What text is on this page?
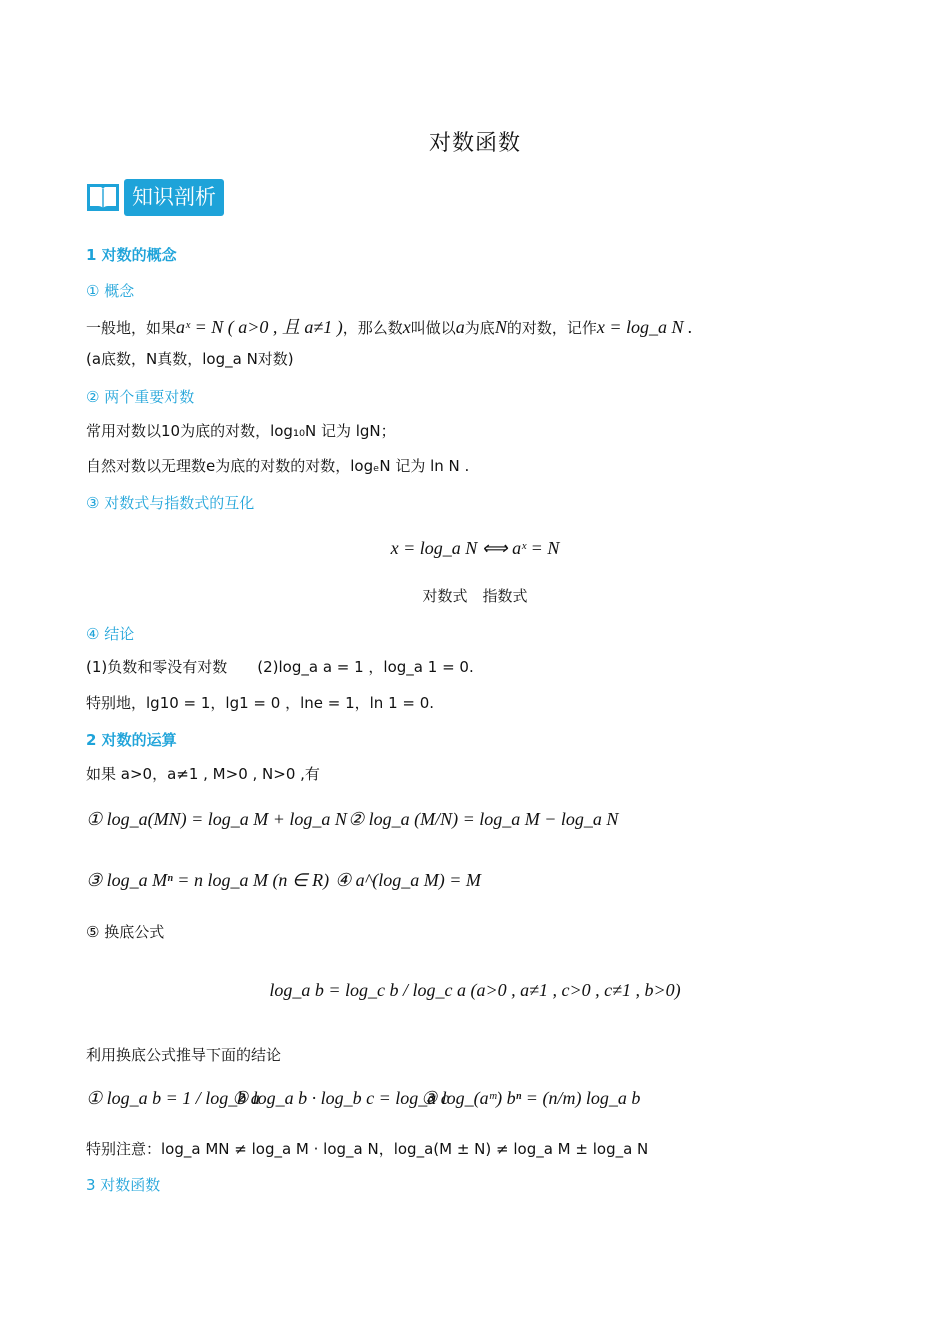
对数函数
知识剖析
1 对数的概念
① 概念
一般地，如果aˣ = N ( a>0 , 且 a≠1 )，那么数x叫做以a为底N的对数，记作x = log_a N .
(a底数，N真数，log_a N对数)
② 两个重要对数
常用对数以10为底的对数，log₁₀N 记为 lgN；
自然对数以无理数e为底的对数的对数，logₑN 记为 ln N .
③ 对数式与指数式的互化
x = log_a N ⟺ aˣ = N
对数式　指数式
④ 结论
(1)负数和零没有对数　　(2)log_a a = 1 ，log_a 1 = 0.
特别地，lg10 = 1，lg1 = 0 ，lne = 1，ln 1 = 0.
2 对数的运算
如果 a>0，a≠1 , M>0 , N>0 ,有
① log_a(MN) = log_a M + log_a N ② log_a (M/N) = log_a M − log_a N
③ log_a Mⁿ = n log_a M (n ∈ R) ④ a^(log_a M) = M
⑤ 换底公式
log_a b = log_c b / log_c a (a>0 , a≠1 , c>0 , c≠1 , b>0)
利用换底公式推导下面的结论
① log_a b = 1 / log_b a
② log_a b · log_b c = log_a c
③ log_(aᵐ) bⁿ = (n/m) log_a b
特别注意：log_a MN ≠ log_a M · log_a N，log_a(M ± N) ≠ log_a M ± log_a N
3 对数函数
